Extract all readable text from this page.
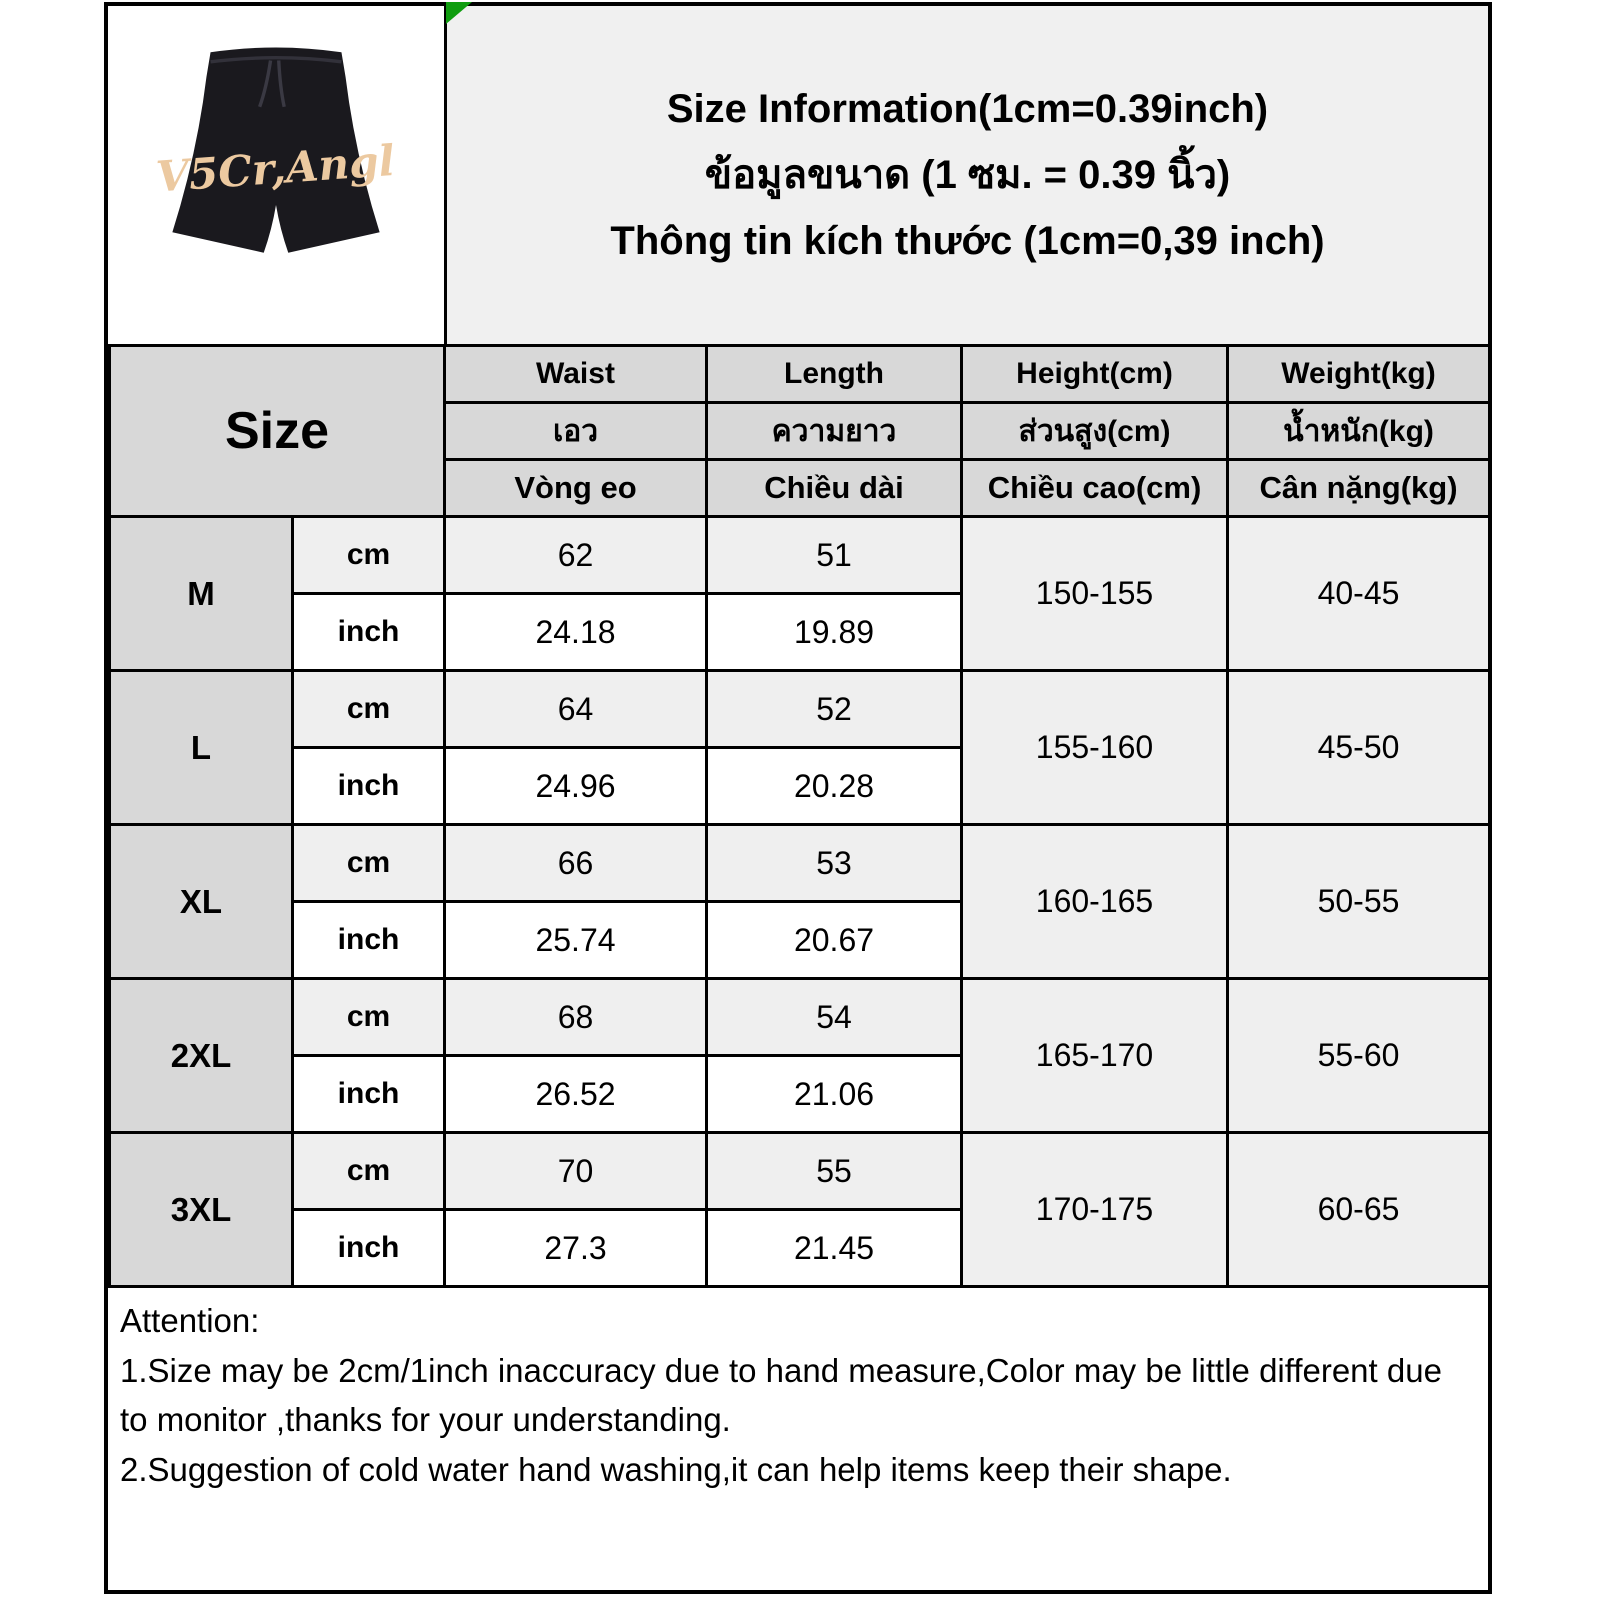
V5Cr,Angl
Size Information(1cm=0.39inch)
ข้อมูลขนาด (1 ซม. = 0.39 นิ้ว)
Thông tin kích thước (1cm=0,39 inch)
Size		Waist	Length	Height(cm)	Weight(kg)
		เอว	ความยาว	ส่วนสูง(cm)	น้ำหนัก(kg)
		Vòng eo	Chiều dài	Chiều cao(cm)	Cân nặng(kg)
M	cm	62	51	150-155	40-45
	inch	24.18	19.89		
L	cm	64	52	155-160	45-50
	inch	24.96	20.28		
XL	cm	66	53	160-165	50-55
	inch	25.74	20.67		
2XL	cm	68	54	165-170	55-60
	inch	26.52	21.06		
3XL	cm	70	55	170-175	60-65
	inch	27.3	21.45		
Attention:
1.Size may be 2cm/1inch inaccuracy due to hand measure,Color may be little different due to monitor ,thanks for your understanding.
2.Suggestion of cold water hand washing,it can help items keep their shape.
